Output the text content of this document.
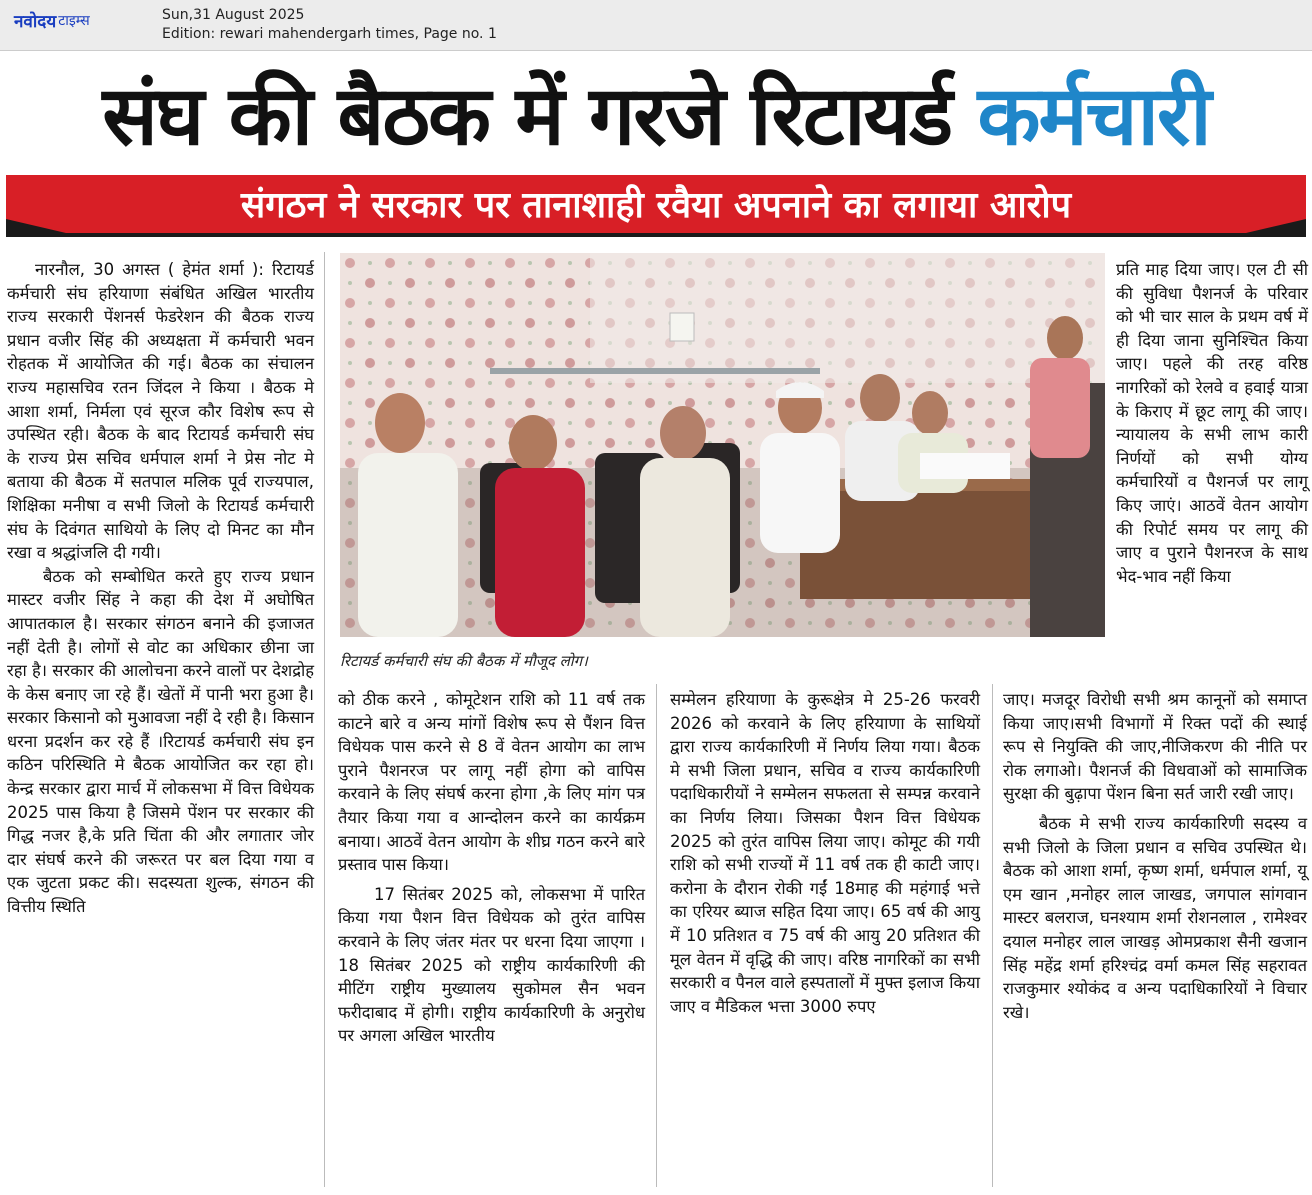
नवोदय टाइम्स	Sun,31 August 2025
Edition: rewari mahendergarh times, Page no. 1
संघ की बैठक में गरजे रिटायर्ड कर्मचारी
संगठन ने सरकार पर तानाशाही रवैया अपनाने का लगाया आरोप

नारनौल, 30 अगस्त ( हेमंत शर्मा ): रिटायर्ड कर्मचारी संघ हरियाणा संबंधित अखिल भारतीय राज्य सरकारी पेंशनर्स फेडरेशन की बैठक राज्य प्रधान वजीर सिंह की अध्यक्षता में कर्मचारी भवन रोहतक में आयोजित की गई। बैठक का संचालन राज्य महासचिव रतन जिंदल ने किया । बैठक मे आशा शर्मा, निर्मला एवं सूरज कौर विशेष रूप से उपस्थित रही। बैठक के बाद रिटायर्ड कर्मचारी संघ के राज्य प्रेस सचिव धर्मपाल शर्मा ने प्रेस नोट मे बताया की बैठक में सतपाल मलिक पूर्व राज्यपाल, शिक्षिका मनीषा व सभी जिलो के रिटायर्ड कर्मचारी संघ के दिवंगत साथियो के लिए दो मिनट का मौन रखा व श्रद्धांजलि दी गयी।

बैठक को सम्बोधित करते हुए राज्य प्रधान मास्टर वजीर सिंह ने कहा की देश में अघोषित आपातकाल है। सरकार संगठन बनाने की इजाजत नहीं देती है। लोगों से वोट का अधिकार छीना जा रहा है। सरकार की आलोचना करने वालों पर देशद्रोह के केस बनाए जा रहे हैं। खेतों में पानी भरा हुआ है। सरकार किसानो को मुआवजा नहीं दे रही है। किसान धरना प्रदर्शन कर रहे हैं ।रिटायर्ड कर्मचारी संघ इन कठिन परिस्थिति मे बैठक आयोजित कर रहा हो। केन्द्र सरकार द्वारा मार्च में लोकसभा में वित्त विधेयक 2025 पास किया है जिसमे पेंशन पर सरकार की गिद्ध नजर है,के प्रति चिंता की और लगातार जोर दार संघर्ष करने की जरूरत पर बल दिया गया व एक जुटता प्रकट की। सदस्यता शुल्क, संगठन की वित्तीय स्थिति

रिटायर्ड कर्मचारी संघ की बैठक में मौजूद लोग।

को ठीक करने , कोमूटेशन राशि को 11 वर्ष तक काटने बारे व अन्य मांगों विशेष रूप से पैंशन वित्त विधेयक पास करने से 8 वें वेतन आयोग का लाभ पुराने पैशनरज पर लागू नहीं होगा को वापिस करवाने के लिए संघर्ष करना होगा ,के लिए मांग पत्र तैयार किया गया व आन्दोलन करने का कार्यक्रम बनाया। आठवें वेतन आयोग के शीघ्र गठन करने बारे प्रस्ताव पास किया।

17 सितंबर 2025 को, लोकसभा में पारित किया गया पैशन वित्त विधेयक को तुरंत वापिस करवाने के लिए जंतर मंतर पर धरना दिया जाएगा । 18 सितंबर 2025 को राष्ट्रीय कार्यकारिणी की मीटिंग राष्ट्रीय मुख्यालय सुकोमल सैन भवन फरीदाबाद में होगी। राष्ट्रीय कार्यकारिणी के अनुरोध पर अगला अखिल भारतीय

सम्मेलन हरियाणा के कुरूक्षेत्र मे 25-26 फरवरी 2026 को करवाने के लिए हरियाणा के साथियों द्वारा राज्य कार्यकारिणी में निर्णय लिया गया। बैठक मे सभी जिला प्रधान, सचिव व राज्य कार्यकारिणी पदाधिकारीयों ने सम्मेलन सफलता से सम्पन्न करवाने का निर्णय लिया। जिसका पैशन वित्त विधेयक 2025 को तुरंत वापिस लिया जाए। कोमूट की गयी राशि को सभी राज्यों में 11 वर्ष तक ही काटी जाए। करोना के दौरान रोकी गईं 18माह की महंगाई भत्ते का एरियर ब्याज सहित दिया जाए। 65 वर्ष की आयु में 10 प्रतिशत व 75 वर्ष की आयु 20 प्रतिशत की मूल वेतन में वृद्धि की जाए। वरिष्ठ नागरिकों का सभी सरकारी व पैनल वाले हस्पतालों में मुफ्त इलाज किया जाए व मैडिकल भत्ता 3000 रुपए

प्रति माह दिया जाए। एल टी सी की सुविधा पैशनर्ज के परिवार को भी चार साल के प्रथम वर्ष में ही दिया जाना सुनिश्चित किया जाए। पहले की तरह वरिष्ठ नागरिकों को रेलवे व हवाई यात्रा के किराए में छूट लागू की जाए। न्यायालय के सभी लाभ कारी निर्णयों को सभी योग्य कर्मचारियों व पैशनर्ज पर लागू किए जाएं। आठवें वेतन आयोग की रिपोर्ट समय पर लागू की जाए व पुराने पैशनरज के साथ भेद-भाव नहीं किया

जाए। मजदूर विरोधी सभी श्रम कानूनों को समाप्त किया जाए।सभी विभागों में रिक्त पदों की स्थाई रूप से नियुक्ति की जाए,नीजिकरण की नीति पर रोक लगाओ। पैशनर्ज की विधवाओं को सामाजिक सुरक्षा की बुढ़ापा पेंशन बिना सर्त जारी रखी जाए।

बैठक मे सभी राज्य कार्यकारिणी सदस्य व सभी जिलो के जिला प्रधान व सचिव उपस्थित थे। बैठक को आशा शर्मा, कृष्ण शर्मा, धर्मपाल शर्मा, यू एम खान ,मनोहर लाल जाखड, जगपाल सांगवान मास्टर बलराज, घनश्याम शर्मा रोशनलाल , रामेश्वर दयाल मनोहर लाल जाखड़ ओमप्रकाश सैनी खजान सिंह महेंद्र शर्मा हरिश्चंद्र वर्मा कमल सिंह सहरावत राजकुमार श्योकंद व अन्य पदाधिकारियों ने विचार रखे।
